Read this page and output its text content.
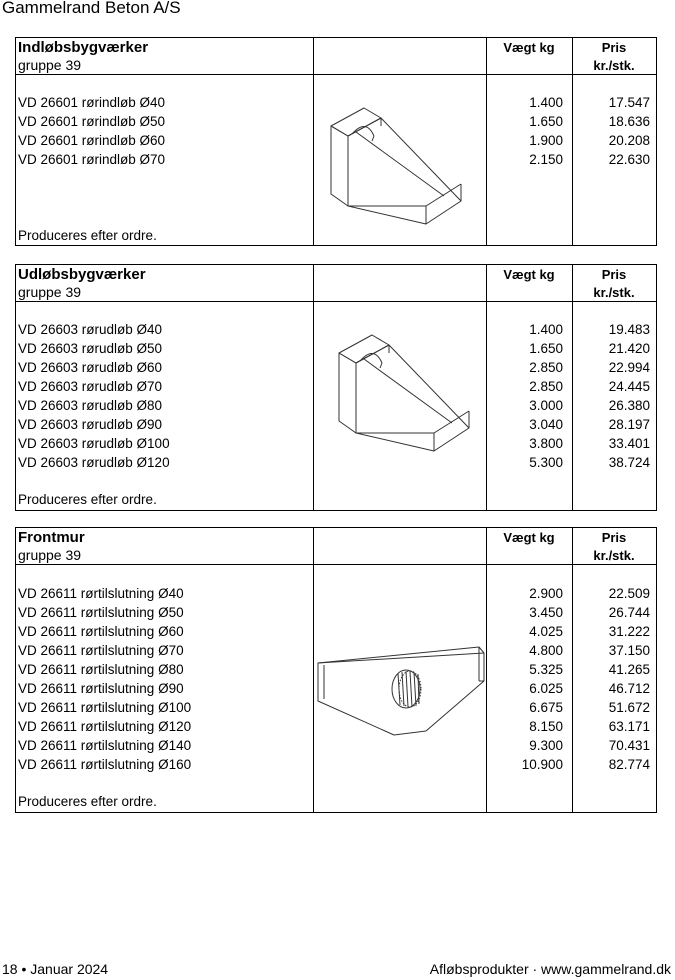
Gammelrand Beton A/S
Indløbsbygværker
gruppe 39
Vægt kg	Pris
kr./stk.
VD 26601 rørindløb Ø40	1.400	17.547
VD 26601 rørindløb Ø50	1.650	18.636
VD 26601 rørindløb Ø60	1.900	20.208
VD 26601 rørindløb Ø70	2.150	22.630
Produceres efter ordre.
Udløbsbygværker
gruppe 39
Vægt kg	Pris
kr./stk.
VD 26603 rørudløb Ø40	1.400	19.483
VD 26603 rørudløb Ø50	1.650	21.420
VD 26603 rørudløb Ø60	2.850	22.994
VD 26603 rørudløb Ø70	2.850	24.445
VD 26603 rørudløb Ø80	3.000	26.380
VD 26603 rørudløb Ø90	3.040	28.197
VD 26603 rørudløb Ø100	3.800	33.401
VD 26603 rørudløb Ø120	5.300	38.724
Produceres efter ordre.
Frontmur
gruppe 39
Vægt kg	Pris
kr./stk.
VD 26611 rørtilslutning Ø40	2.900	22.509
VD 26611 rørtilslutning Ø50	3.450	26.744
VD 26611 rørtilslutning Ø60	4.025	31.222
VD 26611 rørtilslutning Ø70	4.800	37.150
VD 26611 rørtilslutning Ø80	5.325	41.265
VD 26611 rørtilslutning Ø90	6.025	46.712
VD 26611 rørtilslutning Ø100	6.675	51.672
VD 26611 rørtilslutning Ø120	8.150	63.171
VD 26611 rørtilslutning Ø140	9.300	70.431
VD 26611 rørtilslutning Ø160	10.900	82.774
Produceres efter ordre.
18 • Januar 2024	Afløbsprodukter · www.gammelrand.dk
